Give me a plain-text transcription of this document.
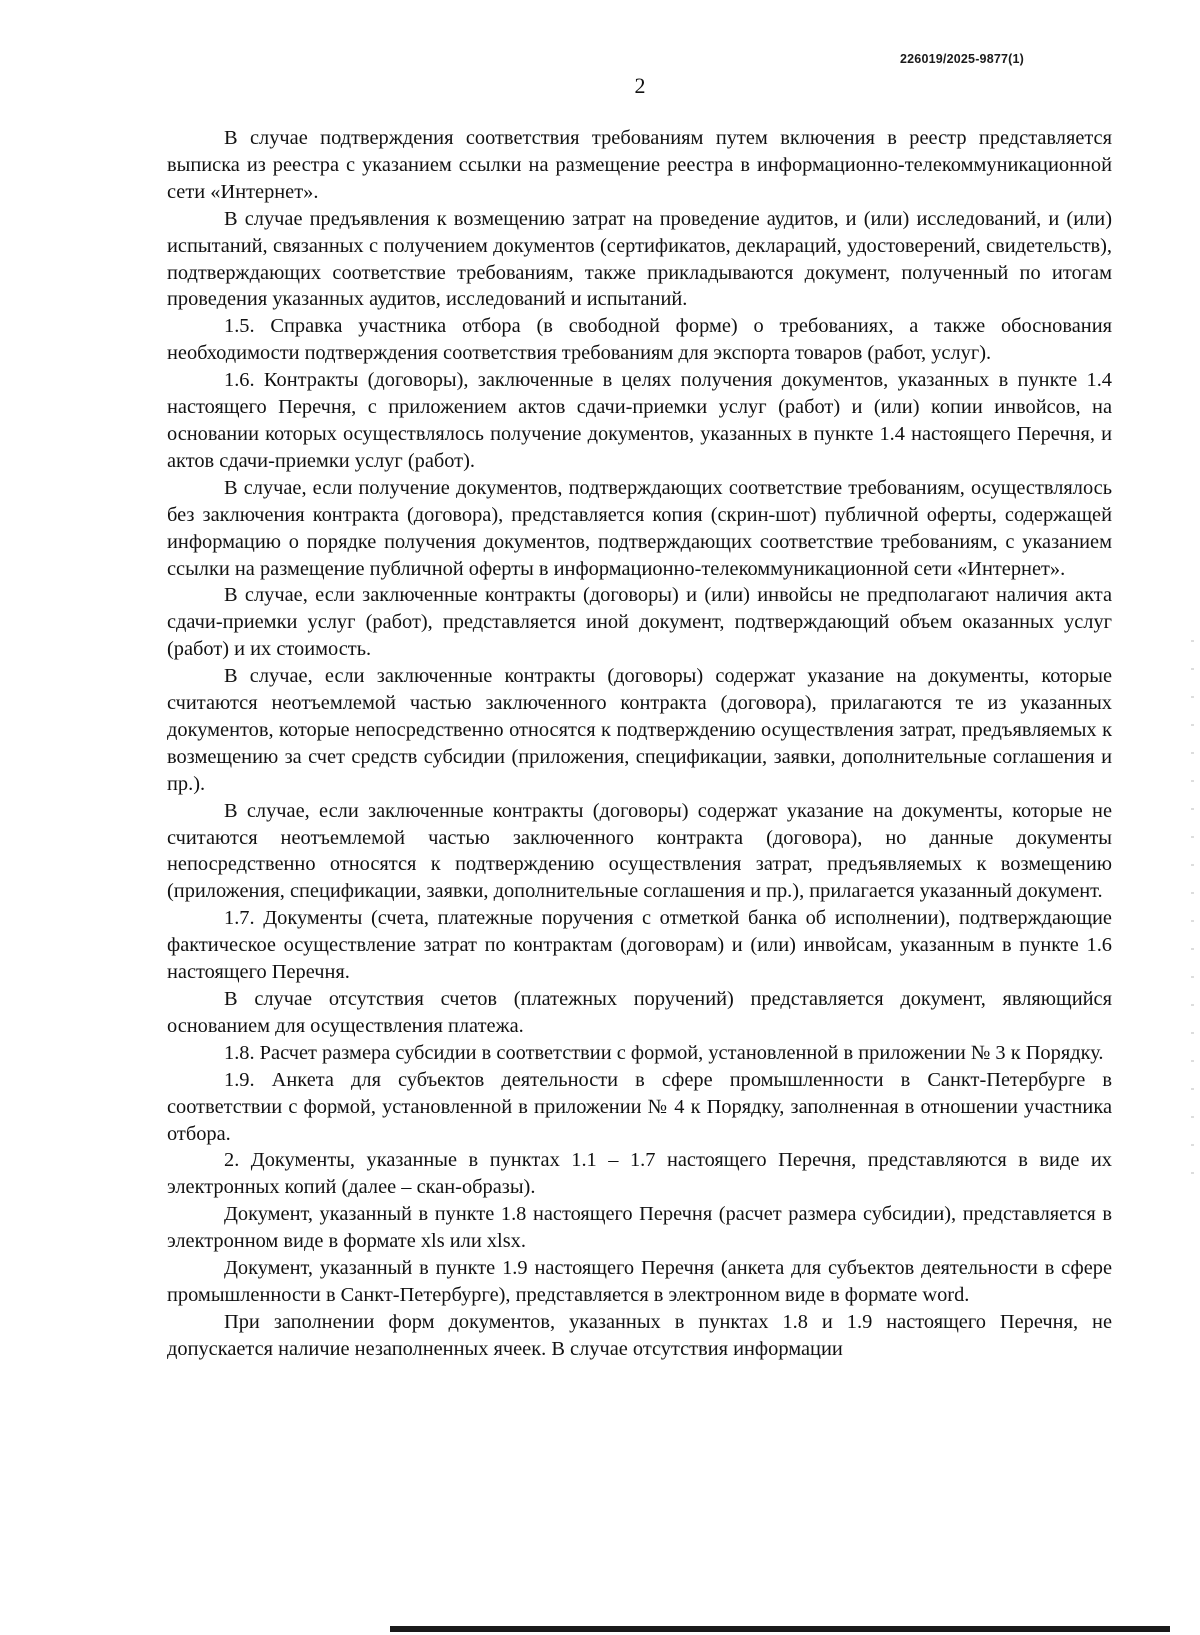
226019/2025-9877(1)
2

В случае подтверждения соответствия требованиям путем включения в реестр представляется выписка из реестра с указанием ссылки на размещение реестра в информационно-телекоммуникационной сети «Интернет».

В случае предъявления к возмещению затрат на проведение аудитов, и (или) исследований, и (или) испытаний, связанных с получением документов (сертификатов, деклараций, удостоверений, свидетельств), подтверждающих соответствие требованиям, также прикладываются документ, полученный по итогам проведения указанных аудитов, исследований и испытаний.

1.5. Справка участника отбора (в свободной форме) о требованиях, а также обоснования необходимости подтверждения соответствия требованиям для экспорта товаров (работ, услуг).

1.6. Контракты (договоры), заключенные в целях получения документов, указанных в пункте 1.4 настоящего Перечня, с приложением актов сдачи-приемки услуг (работ) и (или) копии инвойсов, на основании которых осуществлялось получение документов, указанных в пункте 1.4 настоящего Перечня, и актов сдачи-приемки услуг (работ).

В случае, если получение документов, подтверждающих соответствие требованиям, осуществлялось без заключения контракта (договора), представляется копия (скрин-шот) публичной оферты, содержащей информацию о порядке получения документов, подтверждающих соответствие требованиям, с указанием ссылки на размещение публичной оферты в информационно-телекоммуникационной сети «Интернет».

В случае, если заключенные контракты (договоры) и (или) инвойсы не предполагают наличия акта сдачи-приемки услуг (работ), представляется иной документ, подтверждающий объем оказанных услуг (работ) и их стоимость.

В случае, если заключенные контракты (договоры) содержат указание на документы, которые считаются неотъемлемой частью заключенного контракта (договора), прилагаются те из указанных документов, которые непосредственно относятся к подтверждению осуществления затрат, предъявляемых к возмещению за счет средств субсидии (приложения, спецификации, заявки, дополнительные соглашения и пр.).

В случае, если заключенные контракты (договоры) содержат указание на документы, которые не считаются неотъемлемой частью заключенного контракта (договора), но данные документы непосредственно относятся к подтверждению осуществления затрат, предъявляемых к возмещению (приложения, спецификации, заявки, дополнительные соглашения и пр.), прилагается указанный документ.

1.7. Документы (счета, платежные поручения с отметкой банка об исполнении), подтверждающие фактическое осуществление затрат по контрактам (договорам) и (или) инвойсам, указанным в пункте 1.6 настоящего Перечня.

В случае отсутствия счетов (платежных поручений) представляется документ, являющийся основанием для осуществления платежа.

1.8. Расчет размера субсидии в соответствии с формой, установленной в приложении № 3 к Порядку.

1.9. Анкета для субъектов деятельности в сфере промышленности в Санкт-Петербурге в соответствии с формой, установленной в приложении № 4 к Порядку, заполненная в отношении участника отбора.

2. Документы, указанные в пунктах 1.1 – 1.7 настоящего Перечня, представляются в виде их электронных копий (далее – скан-образы).

Документ, указанный в пункте 1.8 настоящего Перечня (расчет размера субсидии), представляется в электронном виде в формате xls или xlsx.

Документ, указанный в пункте 1.9 настоящего Перечня (анкета для субъектов деятельности в сфере промышленности в Санкт-Петербурге), представляется в электронном виде в формате word.

При заполнении форм документов, указанных в пунктах 1.8 и 1.9 настоящего Перечня, не допускается наличие незаполненных ячеек. В случае отсутствия информации
